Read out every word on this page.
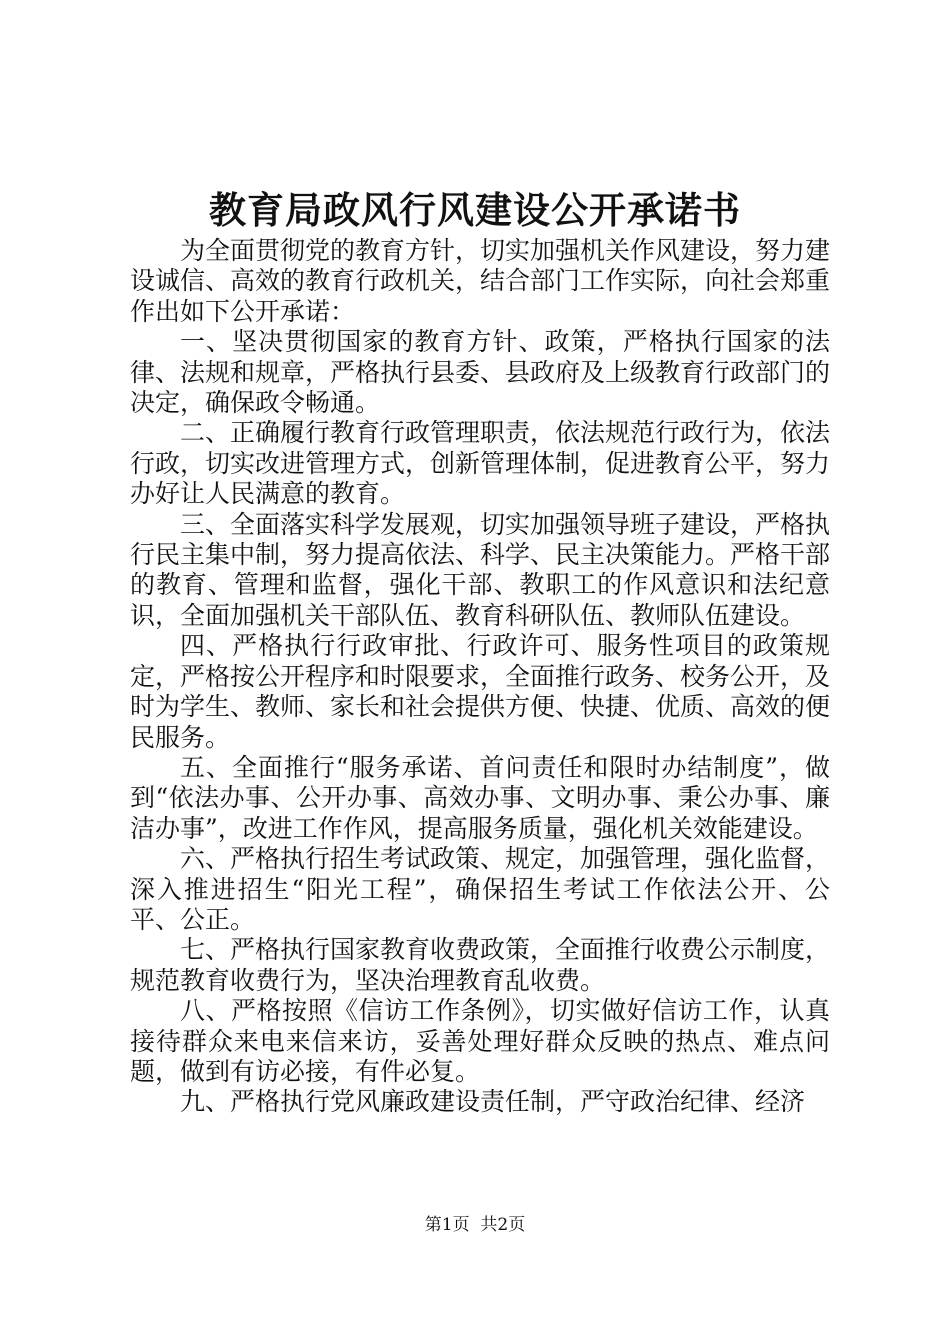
教育局政风行风建设公开承诺书

为全面贯彻党的教育方针，切实加强机关作风建设，努力建设诚信、高效的教育行政机关，结合部门工作实际，向社会郑重作出如下公开承诺：

一、坚决贯彻国家的教育方针、政策，严格执行国家的法律、法规和规章，严格执行县委、县政府及上级教育行政部门的决定，确保政令畅通。

二、正确履行教育行政管理职责，依法规范行政行为，依法行政，切实改进管理方式，创新管理体制，促进教育公平，努力办好让人民满意的教育。

三、全面落实科学发展观，切实加强领导班子建设，严格执行民主集中制，努力提高依法、科学、民主决策能力。严格干部的教育、管理和监督，强化干部、教职工的作风意识和法纪意识，全面加强机关干部队伍、教育科研队伍、教师队伍建设。

四、严格执行行政审批、行政许可、服务性项目的政策规定，严格按公开程序和时限要求，全面推行政务、校务公开，及时为学生、教师、家长和社会提供方便、快捷、优质、高效的便民服务。

五、全面推行“服务承诺、首问责任和限时办结制度”，做到“依法办事、公开办事、高效办事、文明办事、秉公办事、廉洁办事”，改进工作作风，提高服务质量，强化机关效能建设。

六、严格执行招生考试政策、规定，加强管理，强化监督，深入推进招生“阳光工程”，确保招生考试工作依法公开、公平、公正。

七、严格执行国家教育收费政策，全面推行收费公示制度，规范教育收费行为，坚决治理教育乱收费。

八、严格按照《信访工作条例》，切实做好信访工作，认真接待群众来电来信来访，妥善处理好群众反映的热点、难点问题，做到有访必接，有件必复。

九、严格执行党风廉政建设责任制，严守政治纪律、经济

第1页  共2页
